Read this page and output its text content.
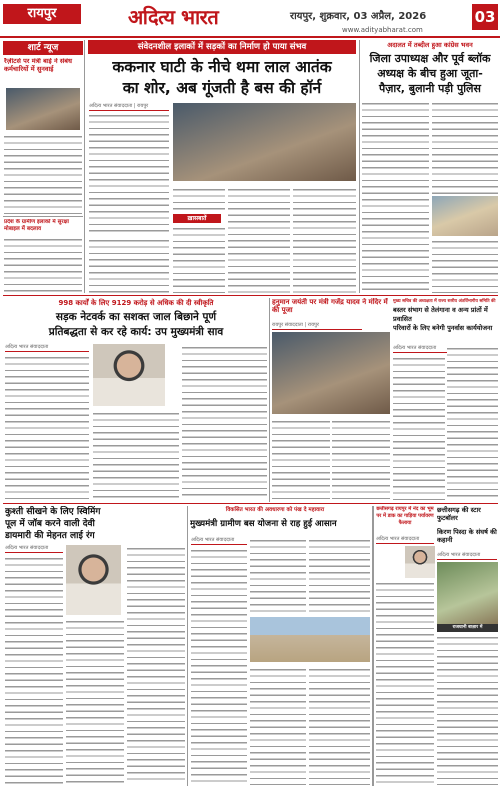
रायपुर	अदित्य भारत	रायपुर, शुक्रवार, 03 अप्रैल, 2026
www.adityabharat.com
03
शार्ट न्यूज
रैंज़ीटर्स पर मंत्री बाई ने संबंध कर्मचारियों में सुनवाई
प्रदेश के ग्रामीण इलाकों में सुरक्षा मोबाइल में बदलाव
संवेदनशील इलाकों में सड़कों का निर्माण हो पाया संभव
ककनार घाटी के नीचे थमा लाल आतंक
का शोर, अब गूंजती है बस की हॉर्न
अदित्य भारत संवाददाता | रायपुर
ख़ासबातें
अदालत में तब्दील हुआ कांग्रेस भवन
जिला उपाध्यक्ष और पूर्व ब्लॉक
अध्यक्ष के बीच हुआ जूता-
पैज़ार, बुलानी पड़ी पुलिस
998 कार्यों के लिए 9129 करोड़ से अधिक की दी स्वीकृति
सड़क नेटवर्क का सशक्त जाल बिछाने पूर्ण
प्रतिबद्धता से कर रहे कार्य: उप मुख्यमंत्री साव
अदित्य भारत संवाददाता
हनुमान जयंती पर मंत्री गजेंद्र यादव ने मंदिर में की पूजा
रायपुर संवाददाता | रायपुर
मुख्य सचिव की अध्यक्षता में राज्य स्तरीय अंतर्विभागीय समिति की
बस्तर संभाग से तेलंगाना व अन्य प्रांतों में प्रवासित
परिवारों के लिए बनेगी पुनर्वास कार्ययोजना
अदित्य भारत संवाददाता
कुश्ती सीखने के लिए स्विमिंग
पूल में जॉब करने वाली देवी
डायमारी की मेहनत लाई रंग
अदित्य भारत संवाददाता
विकसित भारत की अवधारणा को पंख दे महावारा
मुख्यमंत्री ग्रामीण बस योजना से राह हुई आसान
अदित्य भारत संवाददाता
छत्तीसगढ़ रायपुर में नंद का भूम पर में डाक का गाड़िया पर्यावरण फैलाया
अदित्य भारत संवाददाता
छत्तीसगढ़ की स्टार फुटबॉलर
किरण पिस्दा के संघर्ष की कहानी
अदित्य भारत संवाददाता
राजधानी बाज़ार में
